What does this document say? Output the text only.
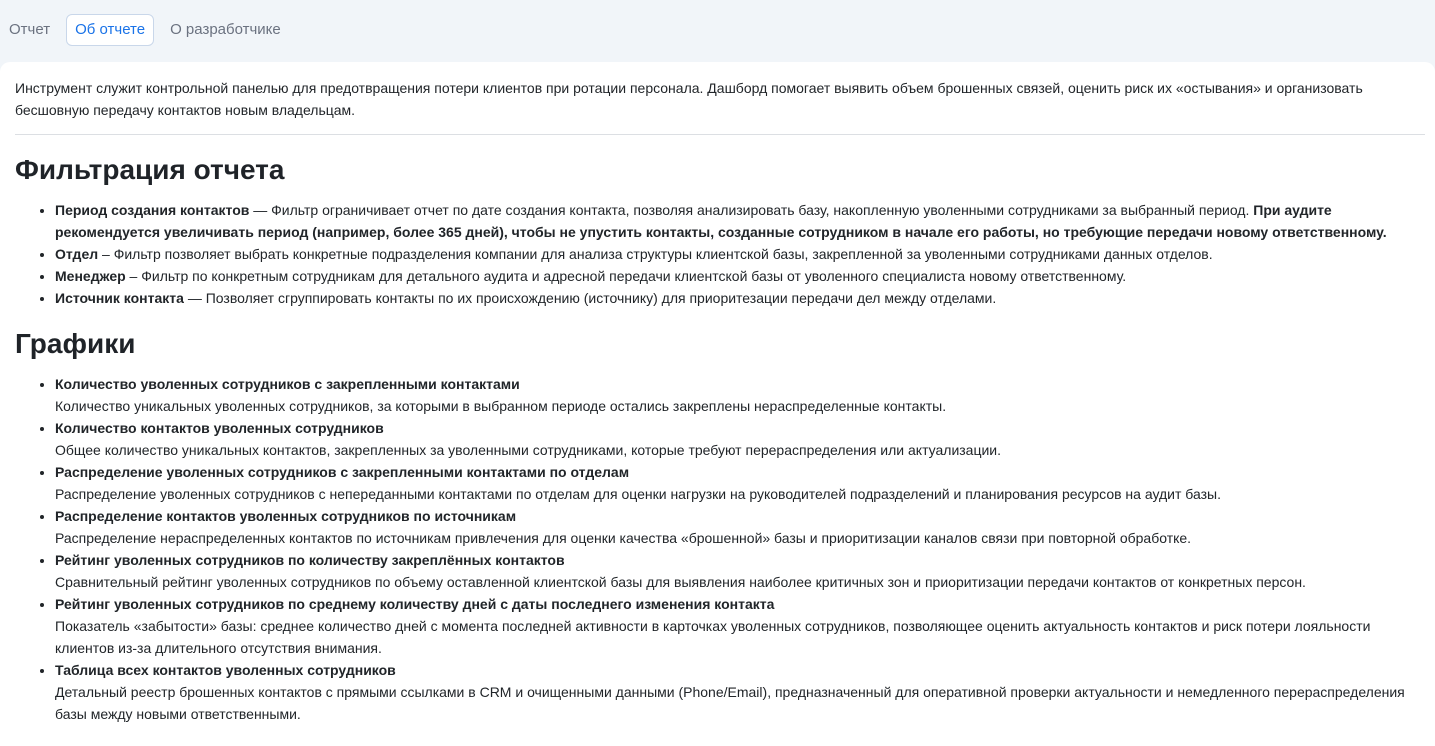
Отчет	Об отчете	О разработчике

Инструмент служит контрольной панелью для предотвращения потери клиентов при ротации персонала. Дашборд помогает выявить объем брошенных связей, оценить риск их «остывания» и организовать бесшовную передачу контактов новым владельцам.

Фильтрация отчета
• Период создания контактов — Фильтр ограничивает отчет по дате создания контакта, позволяя анализировать базу, накопленную уволенными сотрудниками за выбранный период. При аудите рекомендуется увеличивать период (например, более 365 дней), чтобы не упустить контакты, созданные сотрудником в начале его работы, но требующие передачи новому ответственному.
• Отдел – Фильтр позволяет выбрать конкретные подразделения компании для анализа структуры клиентской базы, закрепленной за уволенными сотрудниками данных отделов.
• Менеджер – Фильтр по конкретным сотрудникам для детального аудита и адресной передачи клиентской базы от уволенного специалиста новому ответственному.
• Источник контакта — Позволяет сгруппировать контакты по их происхождению (источнику) для приоритезации передачи дел между отделами.
Графики
• Количество уволенных сотрудников с закрепленными контактами
Количество уникальных уволенных сотрудников, за которыми в выбранном периоде остались закреплены нераспределенные контакты.
• Количество контактов уволенных сотрудников
Общее количество уникальных контактов, закрепленных за уволенными сотрудниками, которые требуют перераспределения или актуализации.
• Распределение уволенных сотрудников с закрепленными контактами по отделам
Распределение уволенных сотрудников с непереданными контактами по отделам для оценки нагрузки на руководителей подразделений и планирования ресурсов на аудит базы.
• Распределение контактов уволенных сотрудников по источникам
Распределение нераспределенных контактов по источникам привлечения для оценки качества «брошенной» базы и приоритизации каналов связи при повторной обработке.
• Рейтинг уволенных сотрудников по количеству закреплённых контактов
Сравнительный рейтинг уволенных сотрудников по объему оставленной клиентской базы для выявления наиболее критичных зон и приоритизации передачи контактов от конкретных персон.
• Рейтинг уволенных сотрудников по среднему количеству дней с даты последнего изменения контакта
Показатель «забытости» базы: среднее количество дней с момента последней активности в карточках уволенных сотрудников, позволяющее оценить актуальность контактов и риск потери лояльности клиентов из-за длительного отсутствия внимания.
• Таблица всех контактов уволенных сотрудников
Детальный реестр брошенных контактов с прямыми ссылками в CRM и очищенными данными (Phone/Email), предназначенный для оперативной проверки актуальности и немедленного перераспределения базы между новыми ответственными.
